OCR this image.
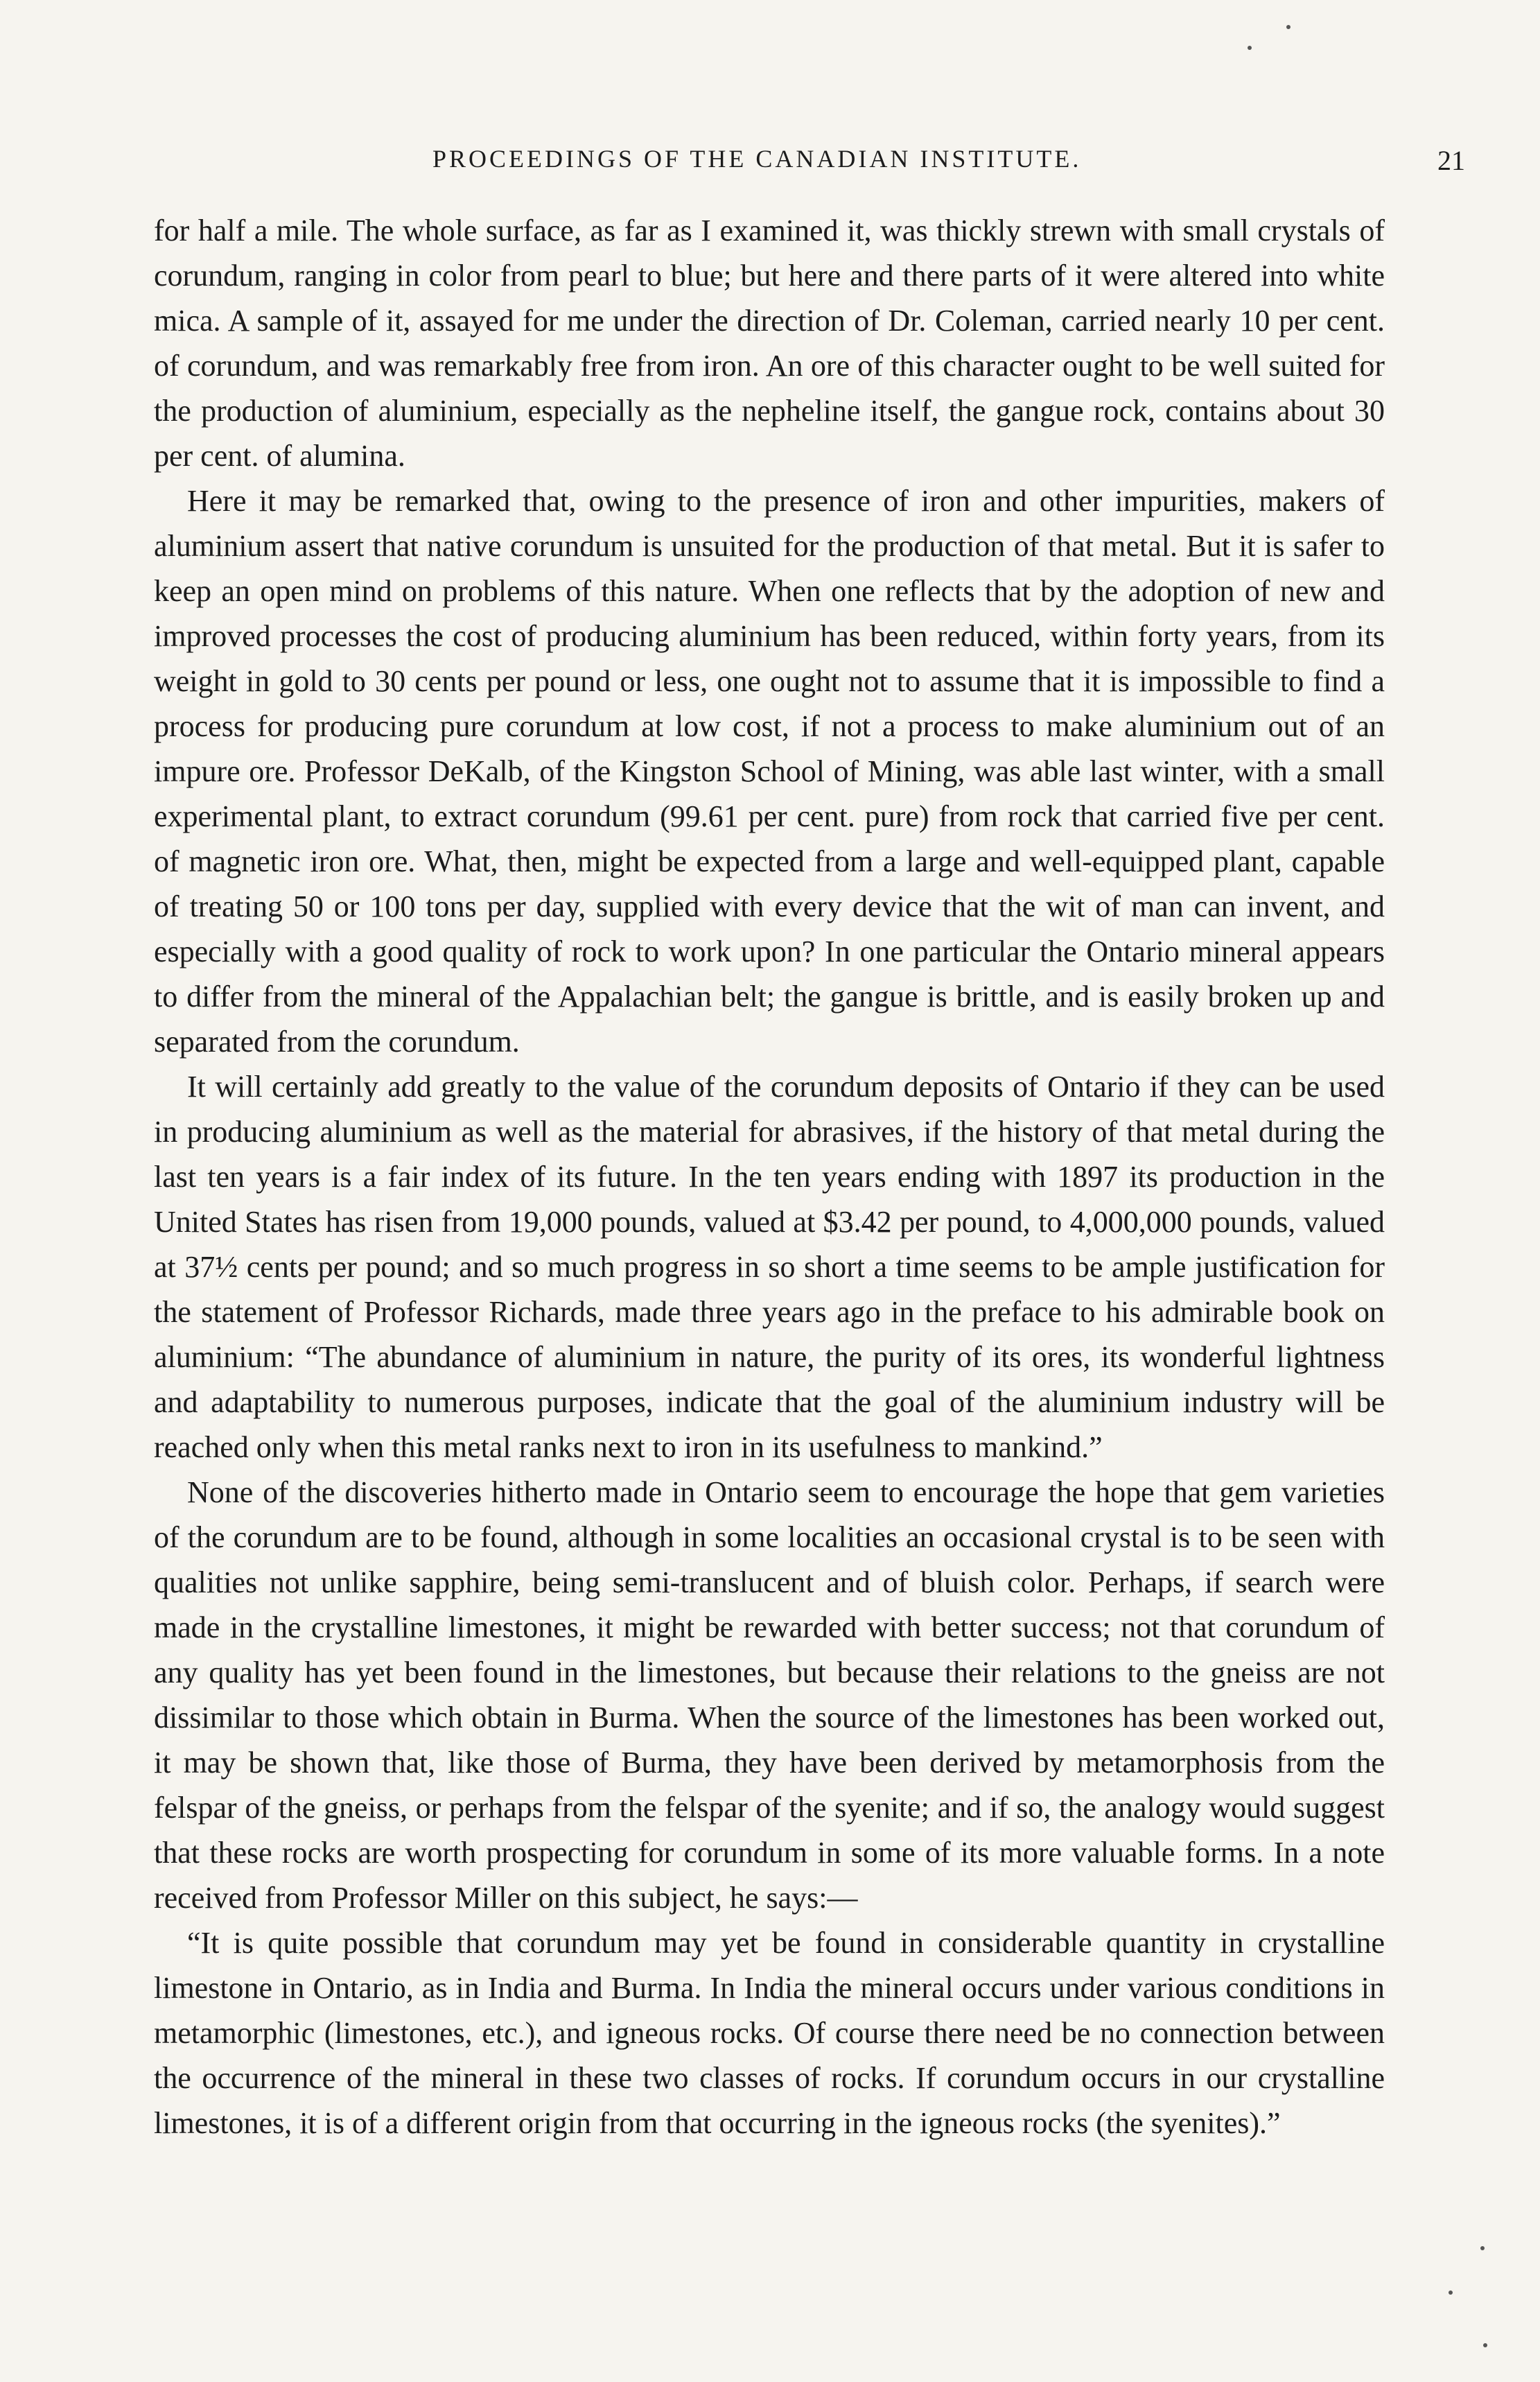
PROCEEDINGS OF THE CANADIAN INSTITUTE.	21

for half a mile. The whole surface, as far as I examined it, was thickly strewn with small crystals of corundum, ranging in color from pearl to blue; but here and there parts of it were altered into white mica. A sample of it, assayed for me under the direction of Dr. Coleman, carried nearly 10 per cent. of corundum, and was remarkably free from iron. An ore of this character ought to be well suited for the production of aluminium, especially as the nepheline itself, the gangue rock, contains about 30 per cent. of alumina.

Here it may be remarked that, owing to the presence of iron and other impurities, makers of aluminium assert that native corundum is unsuited for the production of that metal. But it is safer to keep an open mind on problems of this nature. When one reflects that by the adoption of new and improved processes the cost of producing aluminium has been reduced, within forty years, from its weight in gold to 30 cents per pound or less, one ought not to assume that it is impossible to find a process for producing pure corundum at low cost, if not a process to make aluminium out of an impure ore. Professor DeKalb, of the Kingston School of Mining, was able last winter, with a small experimental plant, to extract corundum (99.61 per cent. pure) from rock that carried five per cent. of magnetic iron ore. What, then, might be expected from a large and well-equipped plant, capable of treating 50 or 100 tons per day, supplied with every device that the wit of man can invent, and especially with a good quality of rock to work upon? In one particular the Ontario mineral appears to differ from the mineral of the Appalachian belt; the gangue is brittle, and is easily broken up and separated from the corundum.

It will certainly add greatly to the value of the corundum deposits of Ontario if they can be used in producing aluminium as well as the material for abrasives, if the history of that metal during the last ten years is a fair index of its future. In the ten years ending with 1897 its production in the United States has risen from 19,000 pounds, valued at $3.42 per pound, to 4,000,000 pounds, valued at 37½ cents per pound; and so much progress in so short a time seems to be ample justification for the statement of Professor Richards, made three years ago in the preface to his admirable book on aluminium: “The abundance of aluminium in nature, the purity of its ores, its wonderful lightness and adaptability to numerous purposes, indicate that the goal of the aluminium industry will be reached only when this metal ranks next to iron in its usefulness to mankind.”

None of the discoveries hitherto made in Ontario seem to encourage the hope that gem varieties of the corundum are to be found, although in some localities an occasional crystal is to be seen with qualities not unlike sapphire, being semi-translucent and of bluish color. Perhaps, if search were made in the crystalline limestones, it might be rewarded with better success; not that corundum of any quality has yet been found in the limestones, but because their relations to the gneiss are not dissimilar to those which obtain in Burma. When the source of the limestones has been worked out, it may be shown that, like those of Burma, they have been derived by metamorphosis from the felspar of the gneiss, or perhaps from the felspar of the syenite; and if so, the analogy would suggest that these rocks are worth prospecting for corundum in some of its more valuable forms. In a note received from Professor Miller on this subject, he says:—

“It is quite possible that corundum may yet be found in considerable quantity in crystalline limestone in Ontario, as in India and Burma. In India the mineral occurs under various conditions in metamorphic (limestones, etc.), and igneous rocks. Of course there need be no connection between the occurrence of the mineral in these two classes of rocks. If corundum occurs in our crystalline limestones, it is of a different origin from that occurring in the igneous rocks (the syenites).”
